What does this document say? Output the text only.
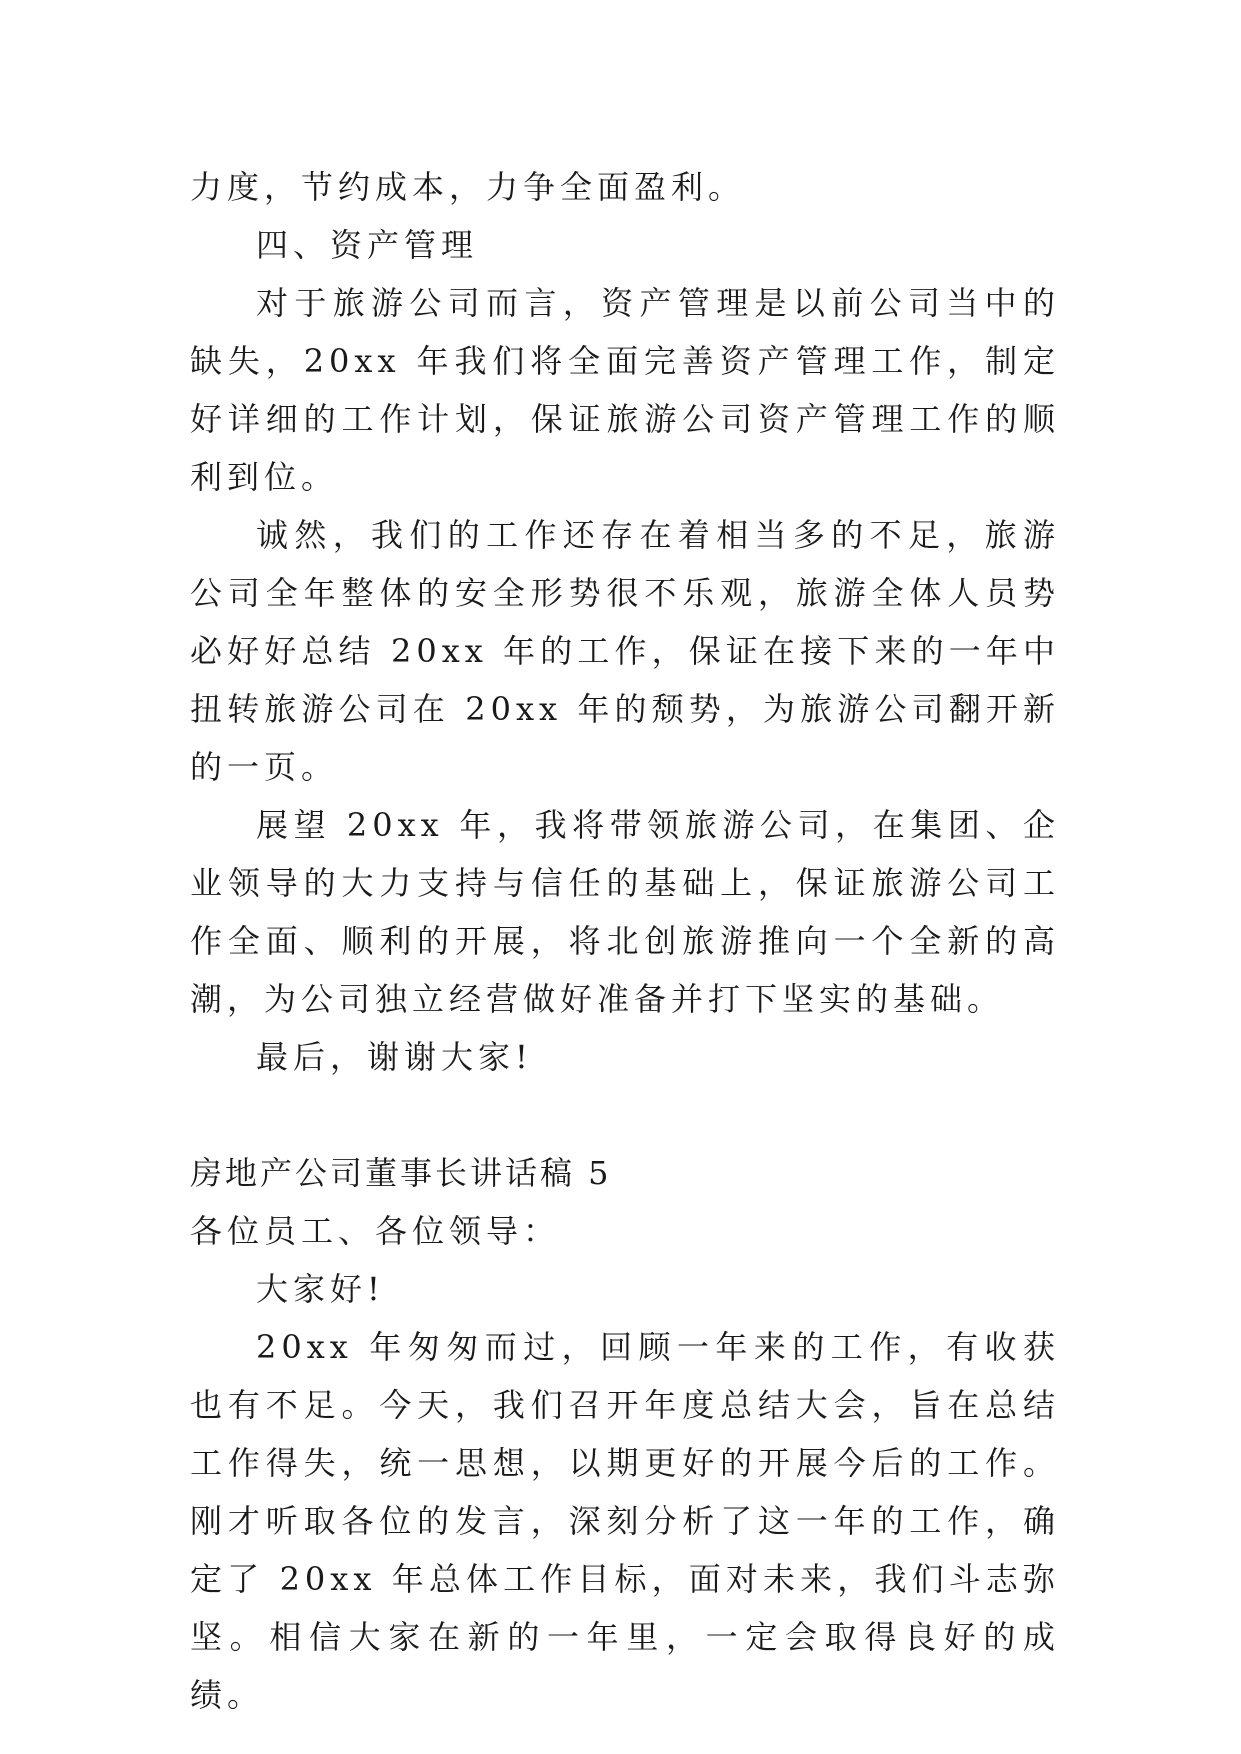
力度，节约成本，力争全面盈利。

四、资产管理

对于旅游公司而言，资产管理是以前公司当中的缺失，20xx 年我们将全面完善资产管理工作，制定好详细的工作计划，保证旅游公司资产管理工作的顺利到位。

诚然，我们的工作还存在着相当多的不足，旅游公司全年整体的安全形势很不乐观，旅游全体人员势必好好总结 20xx 年的工作，保证在接下来的一年中扭转旅游公司在 20xx 年的颓势，为旅游公司翻开新的一页。

展望 20xx 年，我将带领旅游公司，在集团、企业领导的大力支持与信任的基础上，保证旅游公司工作全面、顺利的开展，将北创旅游推向一个全新的高潮，为公司独立经营做好准备并打下坚实的基础。

最后，谢谢大家!

房地产公司董事长讲话稿 5

各位员工、各位领导：

大家好!

20xx 年匆匆而过，回顾一年来的工作，有收获也有不足。今天，我们召开年度总结大会，旨在总结工作得失，统一思想，以期更好的开展今后的工作。刚才听取各位的发言，深刻分析了这一年的工作，确定了 20xx 年总体工作目标，面对未来，我们斗志弥坚。相信大家在新的一年里，一定会取得良好的成绩。
